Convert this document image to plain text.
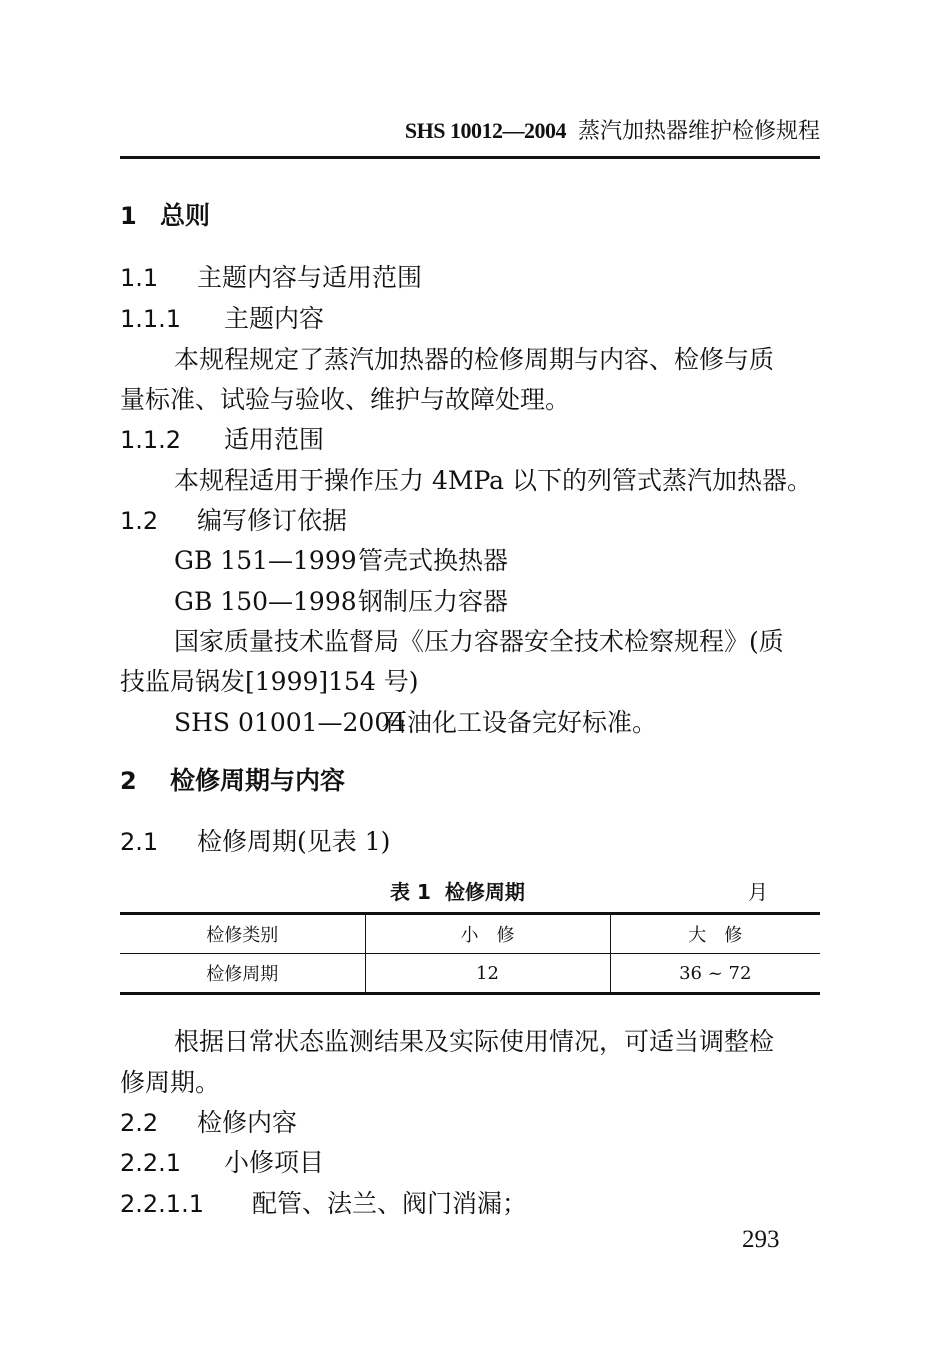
SHS 10012—2004 蒸汽加热器维护检修规程
1 总则
1.1 主题内容与适用范围
1.1.1 主题内容
本规程规定了蒸汽加热器的检修周期与内容、检修与质
量标准、试验与验收、维护与故障处理。
1.1.2 适用范围
本规程适用于操作压力 4MPa 以下的列管式蒸汽加热器。
1.2 编写修订依据
GB 151—1999管壳式换热器
GB 150—1998钢制压力容器
国家质量技术监督局《压力容器安全技术检察规程》(质
技监局锅发[1999]154 号)
SHS 01001—2004石油化工设备完好标准。
2 检修周期与内容
2.1 检修周期(见表 1)
表 1 检修周期	月
检修类别	小　修	大　修
检修周期	12	36 ~ 72
根据日常状态监测结果及实际使用情况，可适当调整检
修周期。
2.2 检修内容
2.2.1 小修项目
2.2.1.1 配管、法兰、阀门消漏；
293
